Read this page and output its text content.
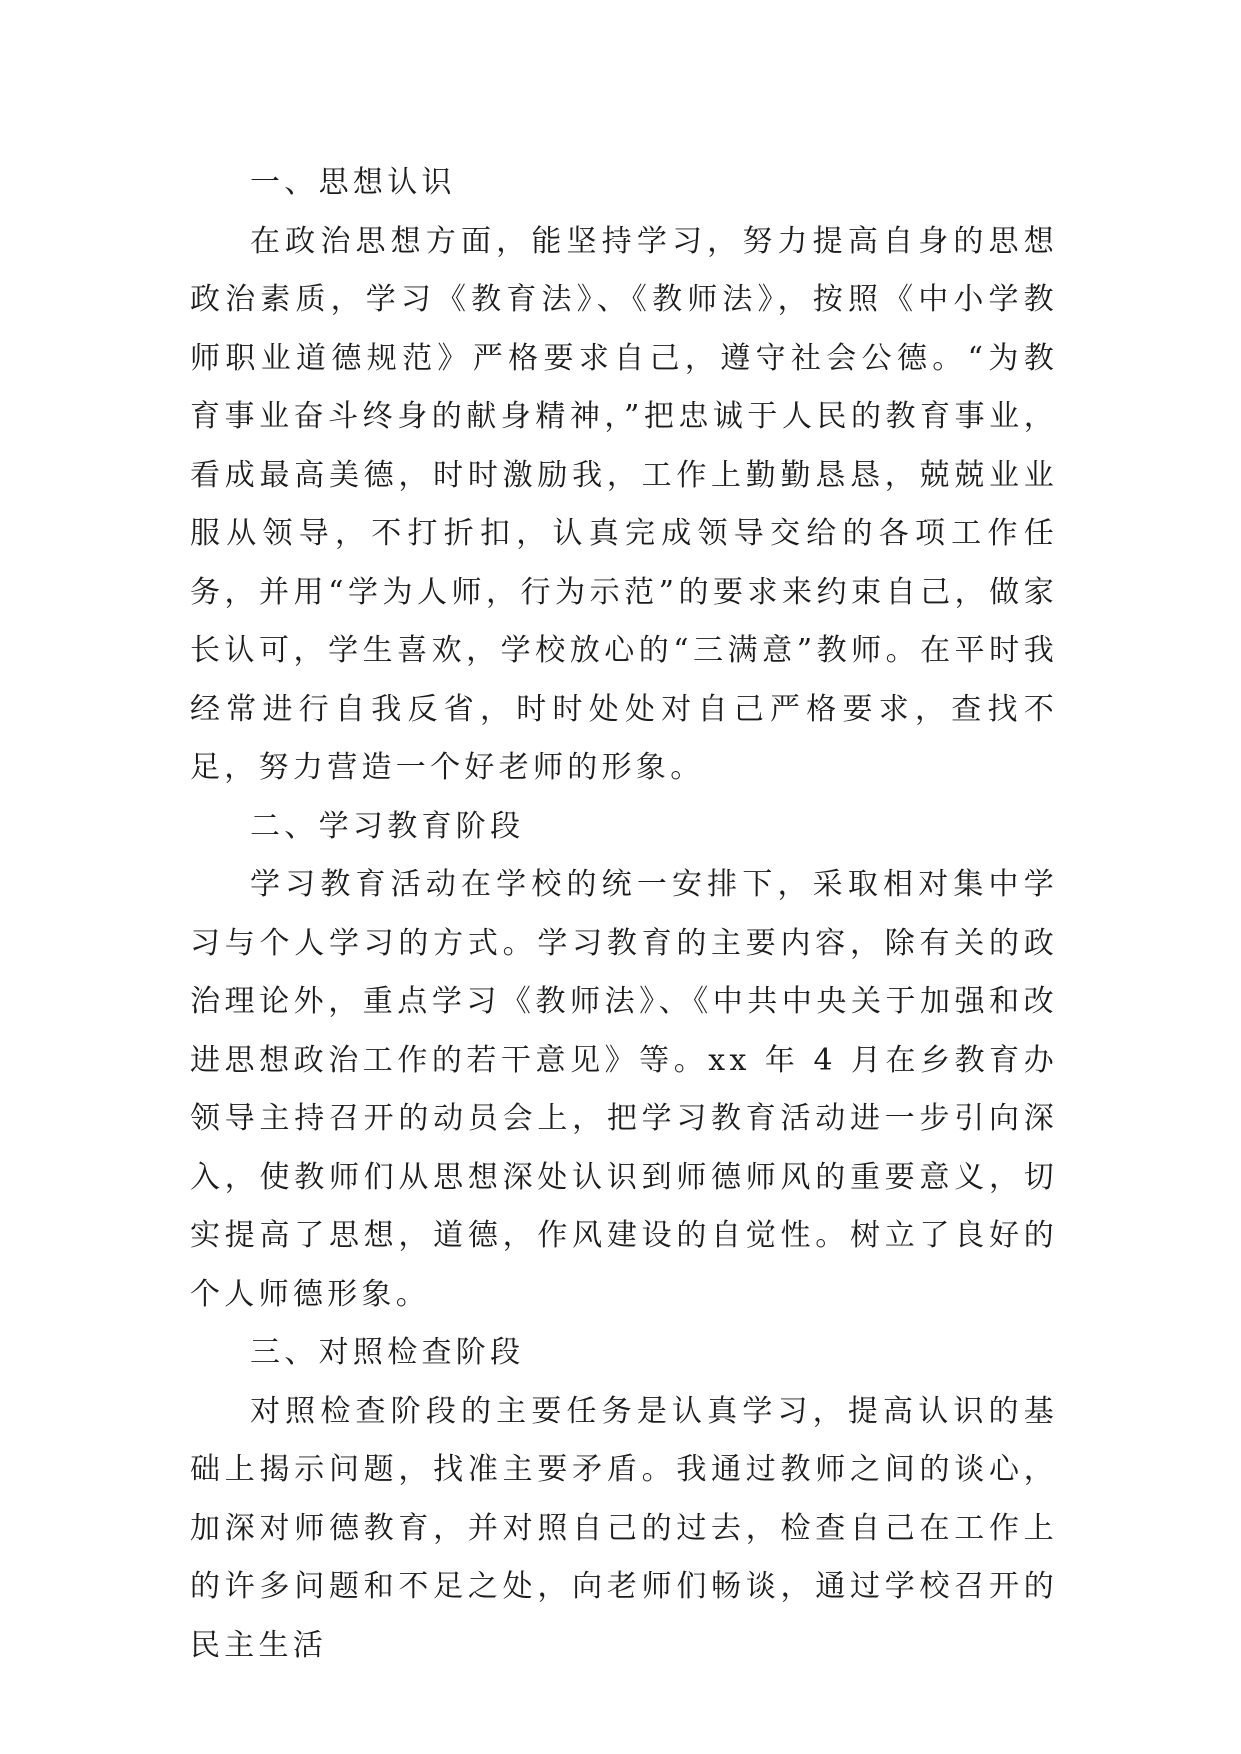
一、思想认识

在政治思想方面，能坚持学习，努力提高自身的思想政治素质，学习《教育法》、《教师法》，按照《中小学教师职业道德规范》严格要求自己，遵守社会公德。“为教育事业奋斗终身的献身精神，”把忠诚于人民的教育事业，看成最高美德，时时激励我，工作上勤勤恳恳，兢兢业业服从领导，不打折扣，认真完成领导交给的各项工作任务，并用“学为人师，行为示范”的要求来约束自己，做家长认可，学生喜欢，学校放心的“三满意”教师。在平时我经常进行自我反省，时时处处对自己严格要求，查找不足，努力营造一个好老师的形象。

二、学习教育阶段

学习教育活动在学校的统一安排下，采取相对集中学习与个人学习的方式。学习教育的主要内容，除有关的政治理论外，重点学习《教师法》、《中共中央关于加强和改进思想政治工作的若干意见》等。xx 年 4 月在乡教育办领导主持召开的动员会上，把学习教育活动进一步引向深入，使教师们从思想深处认识到师德师风的重要意义，切实提高了思想，道德，作风建设的自觉性。树立了良好的个人师德形象。

三、对照检查阶段

对照检查阶段的主要任务是认真学习，提高认识的基础上揭示问题，找准主要矛盾。我通过教师之间的谈心，加深对师德教育，并对照自己的过去，检查自己在工作上的许多问题和不足之处，向老师们畅谈，通过学校召开的民主生活
